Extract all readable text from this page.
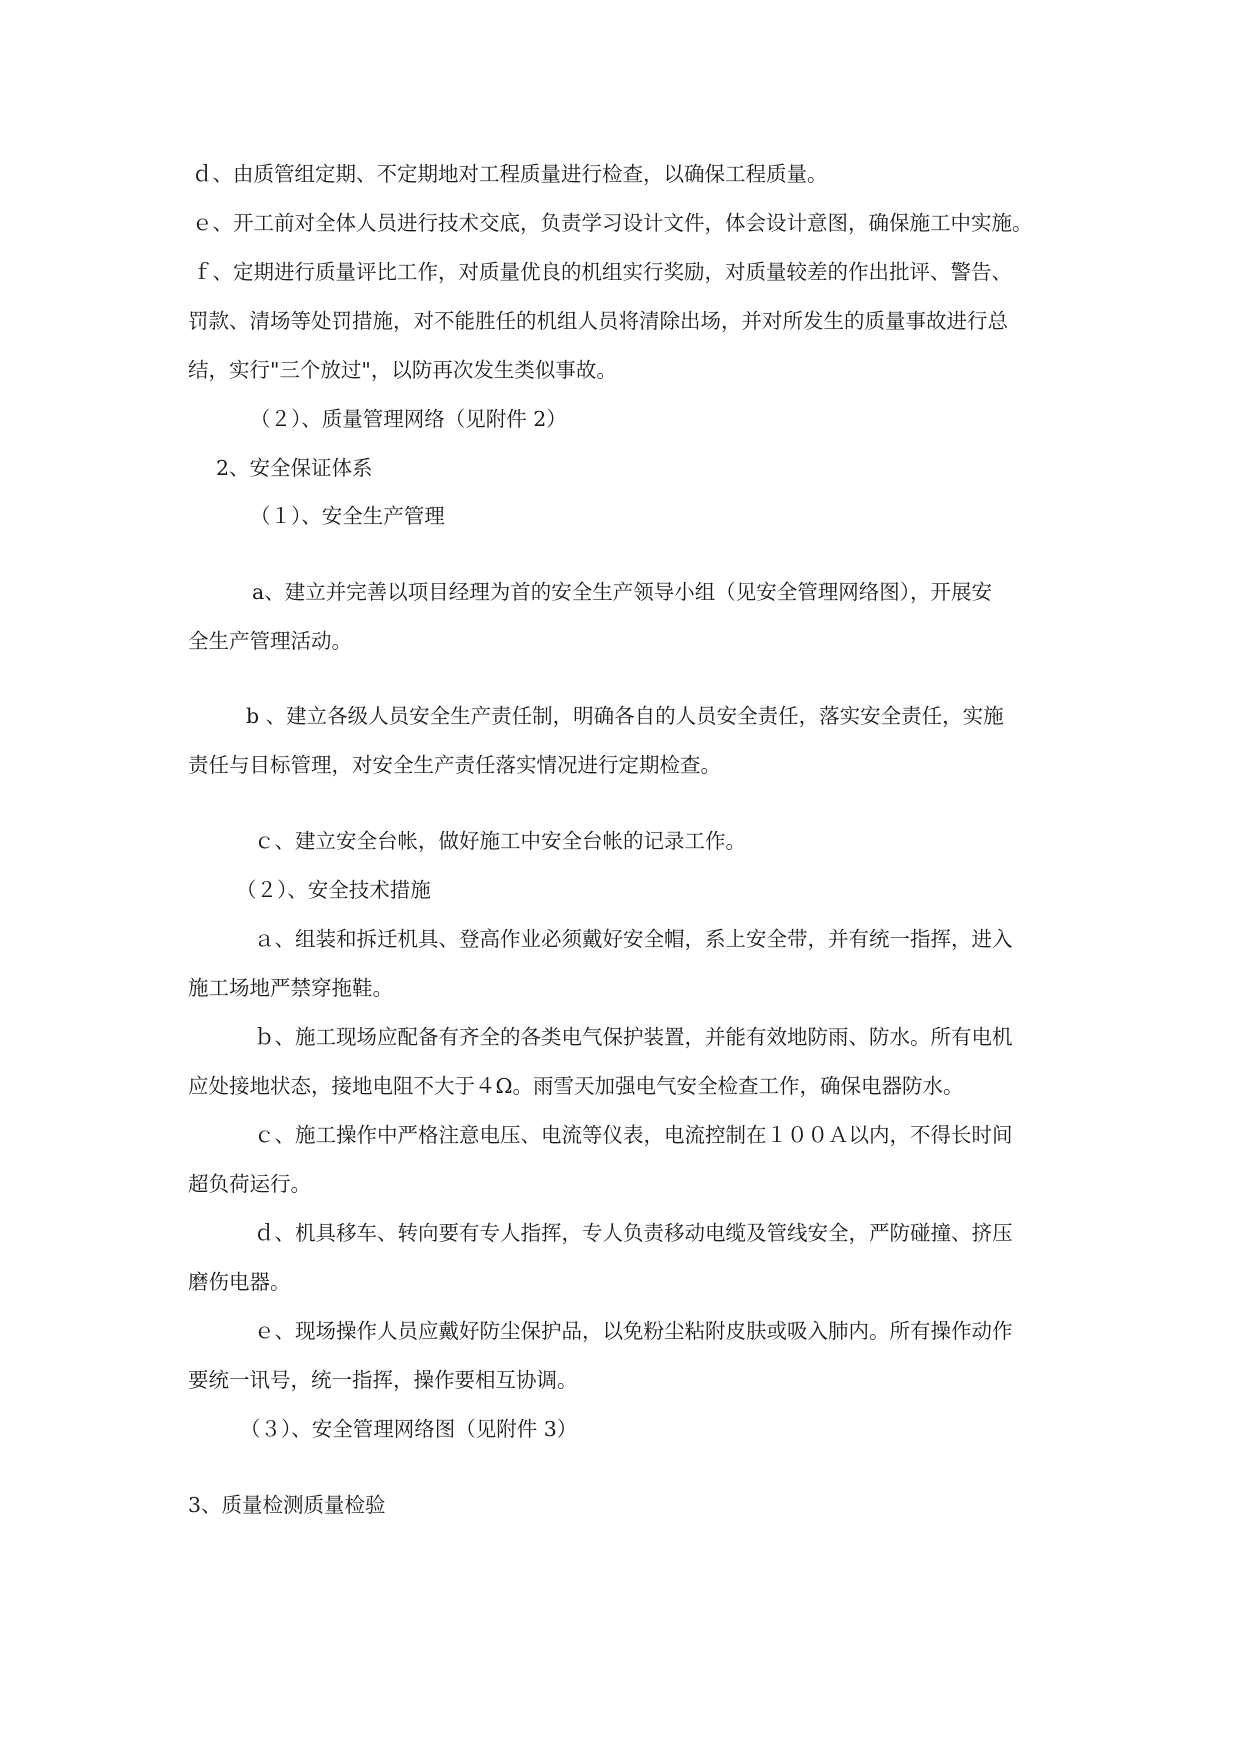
ｄ、由质管组定期、不定期地对工程质量进行检查，以确保工程质量。

ｅ、开工前对全体人员进行技术交底，负责学习设计文件，体会设计意图，确保施工中实施。

ｆ、定期进行质量评比工作，对质量优良的机组实行奖励，对质量较差的作出批评、警告、

罚款、清场等处罚措施，对不能胜任的机组人员将清除出场，并对所发生的质量事故进行总

结，实行"三个放过"，以防再次发生类似事故。

（２）、质量管理网络（见附件 2）

2、安全保证体系

（１）、安全生产管理

a、建立并完善以项目经理为首的安全生产领导小组（见安全管理网络图），开展安

全生产管理活动。

b 、建立各级人员安全生产责任制，明确各自的人员安全责任，落实安全责任，实施

责任与目标管理，对安全生产责任落实情况进行定期检查。

ｃ、建立安全台帐，做好施工中安全台帐的记录工作。

（２）、安全技术措施

ａ、组装和拆迁机具、登高作业必须戴好安全帽，系上安全带，并有统一指挥，进入

施工场地严禁穿拖鞋。

ｂ、施工现场应配备有齐全的各类电气保护装置，并能有效地防雨、防水。所有电机

应处接地状态，接地电阻不大于４Ω。雨雪天加强电气安全检查工作，确保电器防水。

ｃ、施工操作中严格注意电压、电流等仪表，电流控制在１００Ａ以内，不得长时间

超负荷运行。

ｄ、机具移车、转向要有专人指挥，专人负责移动电缆及管线安全，严防碰撞、挤压

磨伤电器。

ｅ、现场操作人员应戴好防尘保护品，以免粉尘粘附皮肤或吸入肺内。所有操作动作

要统一讯号，统一指挥，操作要相互协调。

（３）、安全管理网络图（见附件 3）

3、质量检测质量检验
